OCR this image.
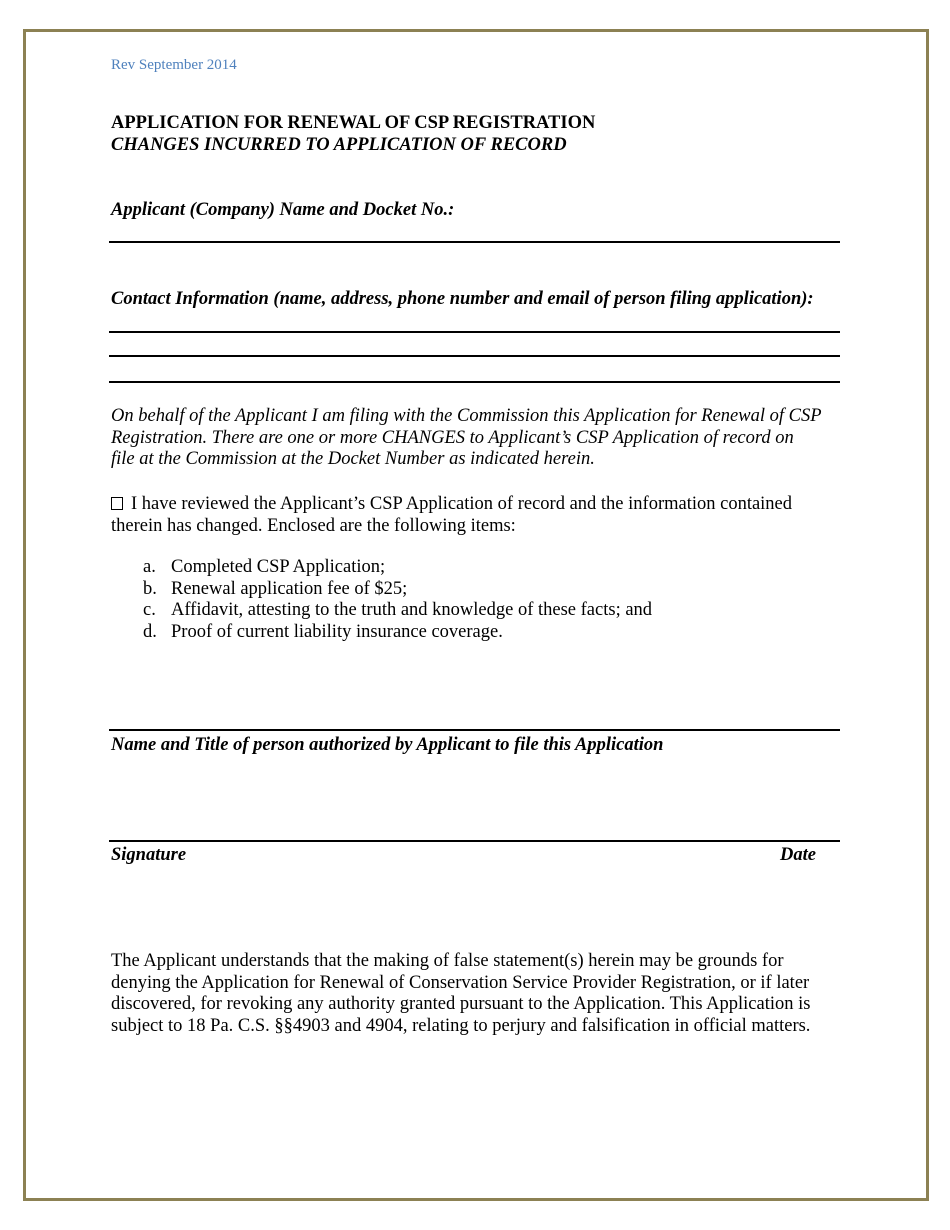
Rev September 2014
APPLICATION FOR RENEWAL OF CSP REGISTRATION
CHANGES INCURRED TO APPLICATION OF RECORD
Applicant (Company) Name and Docket No.:
Contact Information (name, address, phone number and email of person filing application):
On behalf of the Applicant I am filing with the Commission this Application for Renewal of CSP
Registration. There are one or more CHANGES to Applicant’s CSP Application of record on
file at the Commission at the Docket Number as indicated herein.
I have reviewed the Applicant’s CSP Application of record and the information contained
therein has changed. Enclosed are the following items:
a. Completed CSP Application;
b. Renewal application fee of $25;
c. Affidavit, attesting to the truth and knowledge of these facts; and
d. Proof of current liability insurance coverage.
Name and Title of person authorized by Applicant to file this Application
Signature	Date
The Applicant understands that the making of false statement(s) herein may be grounds for
denying the Application for Renewal of Conservation Service Provider Registration, or if later
discovered, for revoking any authority granted pursuant to the Application. This Application is
subject to 18 Pa. C.S. §§4903 and 4904, relating to perjury and falsification in official matters.
